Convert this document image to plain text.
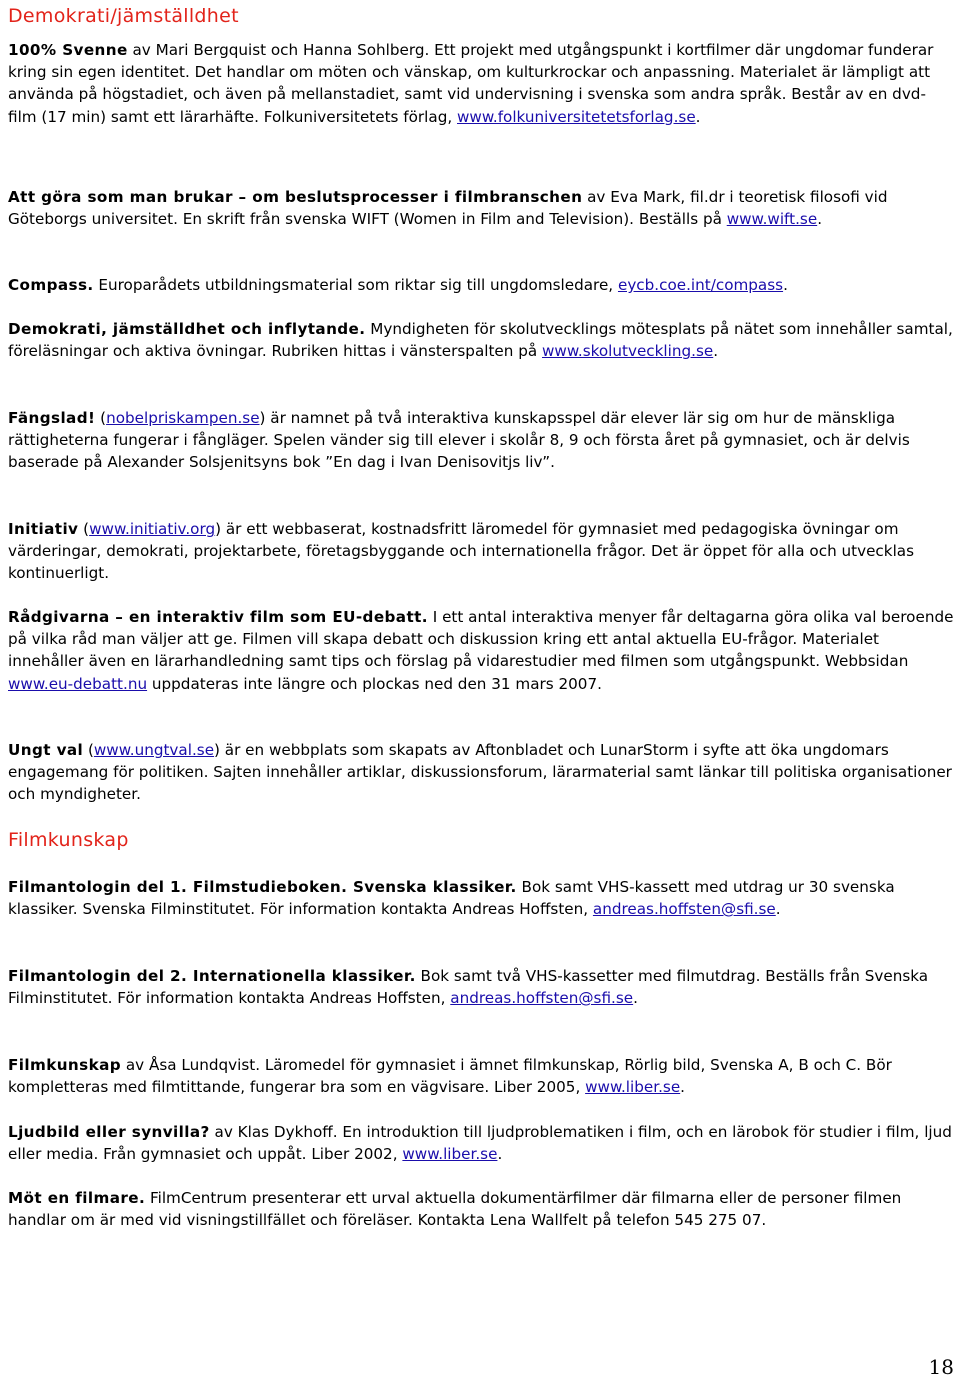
Demokrati/jämställdhet

100% Svenne av Mari Bergquist och Hanna Sohlberg. Ett projekt med utgångspunkt i kortfilmer där ungdomar funderar kring sin egen identitet. Det handlar om möten och vänskap, om kulturkrockar och anpassning. Materialet är lämpligt att använda på högstadiet, och även på mellanstadiet, samt vid undervisning i svenska som andra språk. Består av en dvd-film (17 min) samt ett lärarhäfte. Folkuniversitetets förlag, www.folkuniversitetetsforlag.se.

Att göra som man brukar – om beslutsprocesser i filmbranschen av Eva Mark, fil.dr i teoretisk filosofi vid Göteborgs universitet. En skrift från svenska WIFT (Women in Film and Television). Beställs på www.wift.se.

Compass. Europarådets utbildningsmaterial som riktar sig till ungdomsledare, eycb.coe.int/compass.

Demokrati, jämställdhet och inflytande. Myndigheten för skolutvecklings mötesplats på nätet som innehåller samtal, föreläsningar och aktiva övningar. Rubriken hittas i vänsterspalten på www.skolutveckling.se.

Fängslad! (nobelpriskampen.se) är namnet på två interaktiva kunskapsspel där elever lär sig om hur de mänskliga rättigheterna fungerar i fångläger. Spelen vänder sig till elever i skolår 8, 9 och första året på gymnasiet, och är delvis baserade på Alexander Solsjenitsyns bok ”En dag i Ivan Denisovitjs liv”.

Initiativ (www.initiativ.org) är ett webbaserat, kostnadsfritt läromedel för gymnasiet med pedagogiska övningar om värderingar, demokrati, projektarbete, företagsbyggande och internationella frågor. Det är öppet för alla och utvecklas kontinuerligt.

Rådgivarna – en interaktiv film som EU-debatt. I ett antal interaktiva menyer får deltagarna göra olika val beroende på vilka råd man väljer att ge. Filmen vill skapa debatt och diskussion kring ett antal aktuella EU-frågor. Materialet innehåller även en lärarhandledning samt tips och förslag på vidarestudier med filmen som utgångspunkt. Webbsidan www.eu-debatt.nu uppdateras inte längre och plockas ned den 31 mars 2007.

Ungt val (www.ungtval.se) är en webbplats som skapats av Aftonbladet och LunarStorm i syfte att öka ungdomars engagemang för politiken. Sajten innehåller artiklar, diskussionsforum, lärarmaterial samt länkar till politiska organisationer och myndigheter.

Filmkunskap

Filmantologin del 1. Filmstudieboken. Svenska klassiker. Bok samt VHS-kassett med utdrag ur 30 svenska klassiker. Svenska Filminstitutet. För information kontakta Andreas Hoffsten, andreas.hoffsten@sfi.se.

Filmantologin del 2. Internationella klassiker. Bok samt två VHS-kassetter med filmutdrag. Beställs från Svenska Filminstitutet. För information kontakta Andreas Hoffsten, andreas.hoffsten@sfi.se.

Filmkunskap av Åsa Lundqvist. Läromedel för gymnasiet i ämnet filmkunskap, Rörlig bild, Svenska A, B och C. Bör kompletteras med filmtittande, fungerar bra som en vägvisare. Liber 2005, www.liber.se.

Ljudbild eller synvilla? av Klas Dykhoff. En introduktion till ljudproblematiken i film, och en lärobok för studier i film, ljud eller media. Från gymnasiet och uppåt. Liber 2002, www.liber.se.

Möt en filmare. FilmCentrum presenterar ett urval aktuella dokumentärfilmer där filmarna eller de personer filmen handlar om är med vid visningstillfället och föreläser. Kontakta Lena Wallfelt på telefon 545 275 07.

18
